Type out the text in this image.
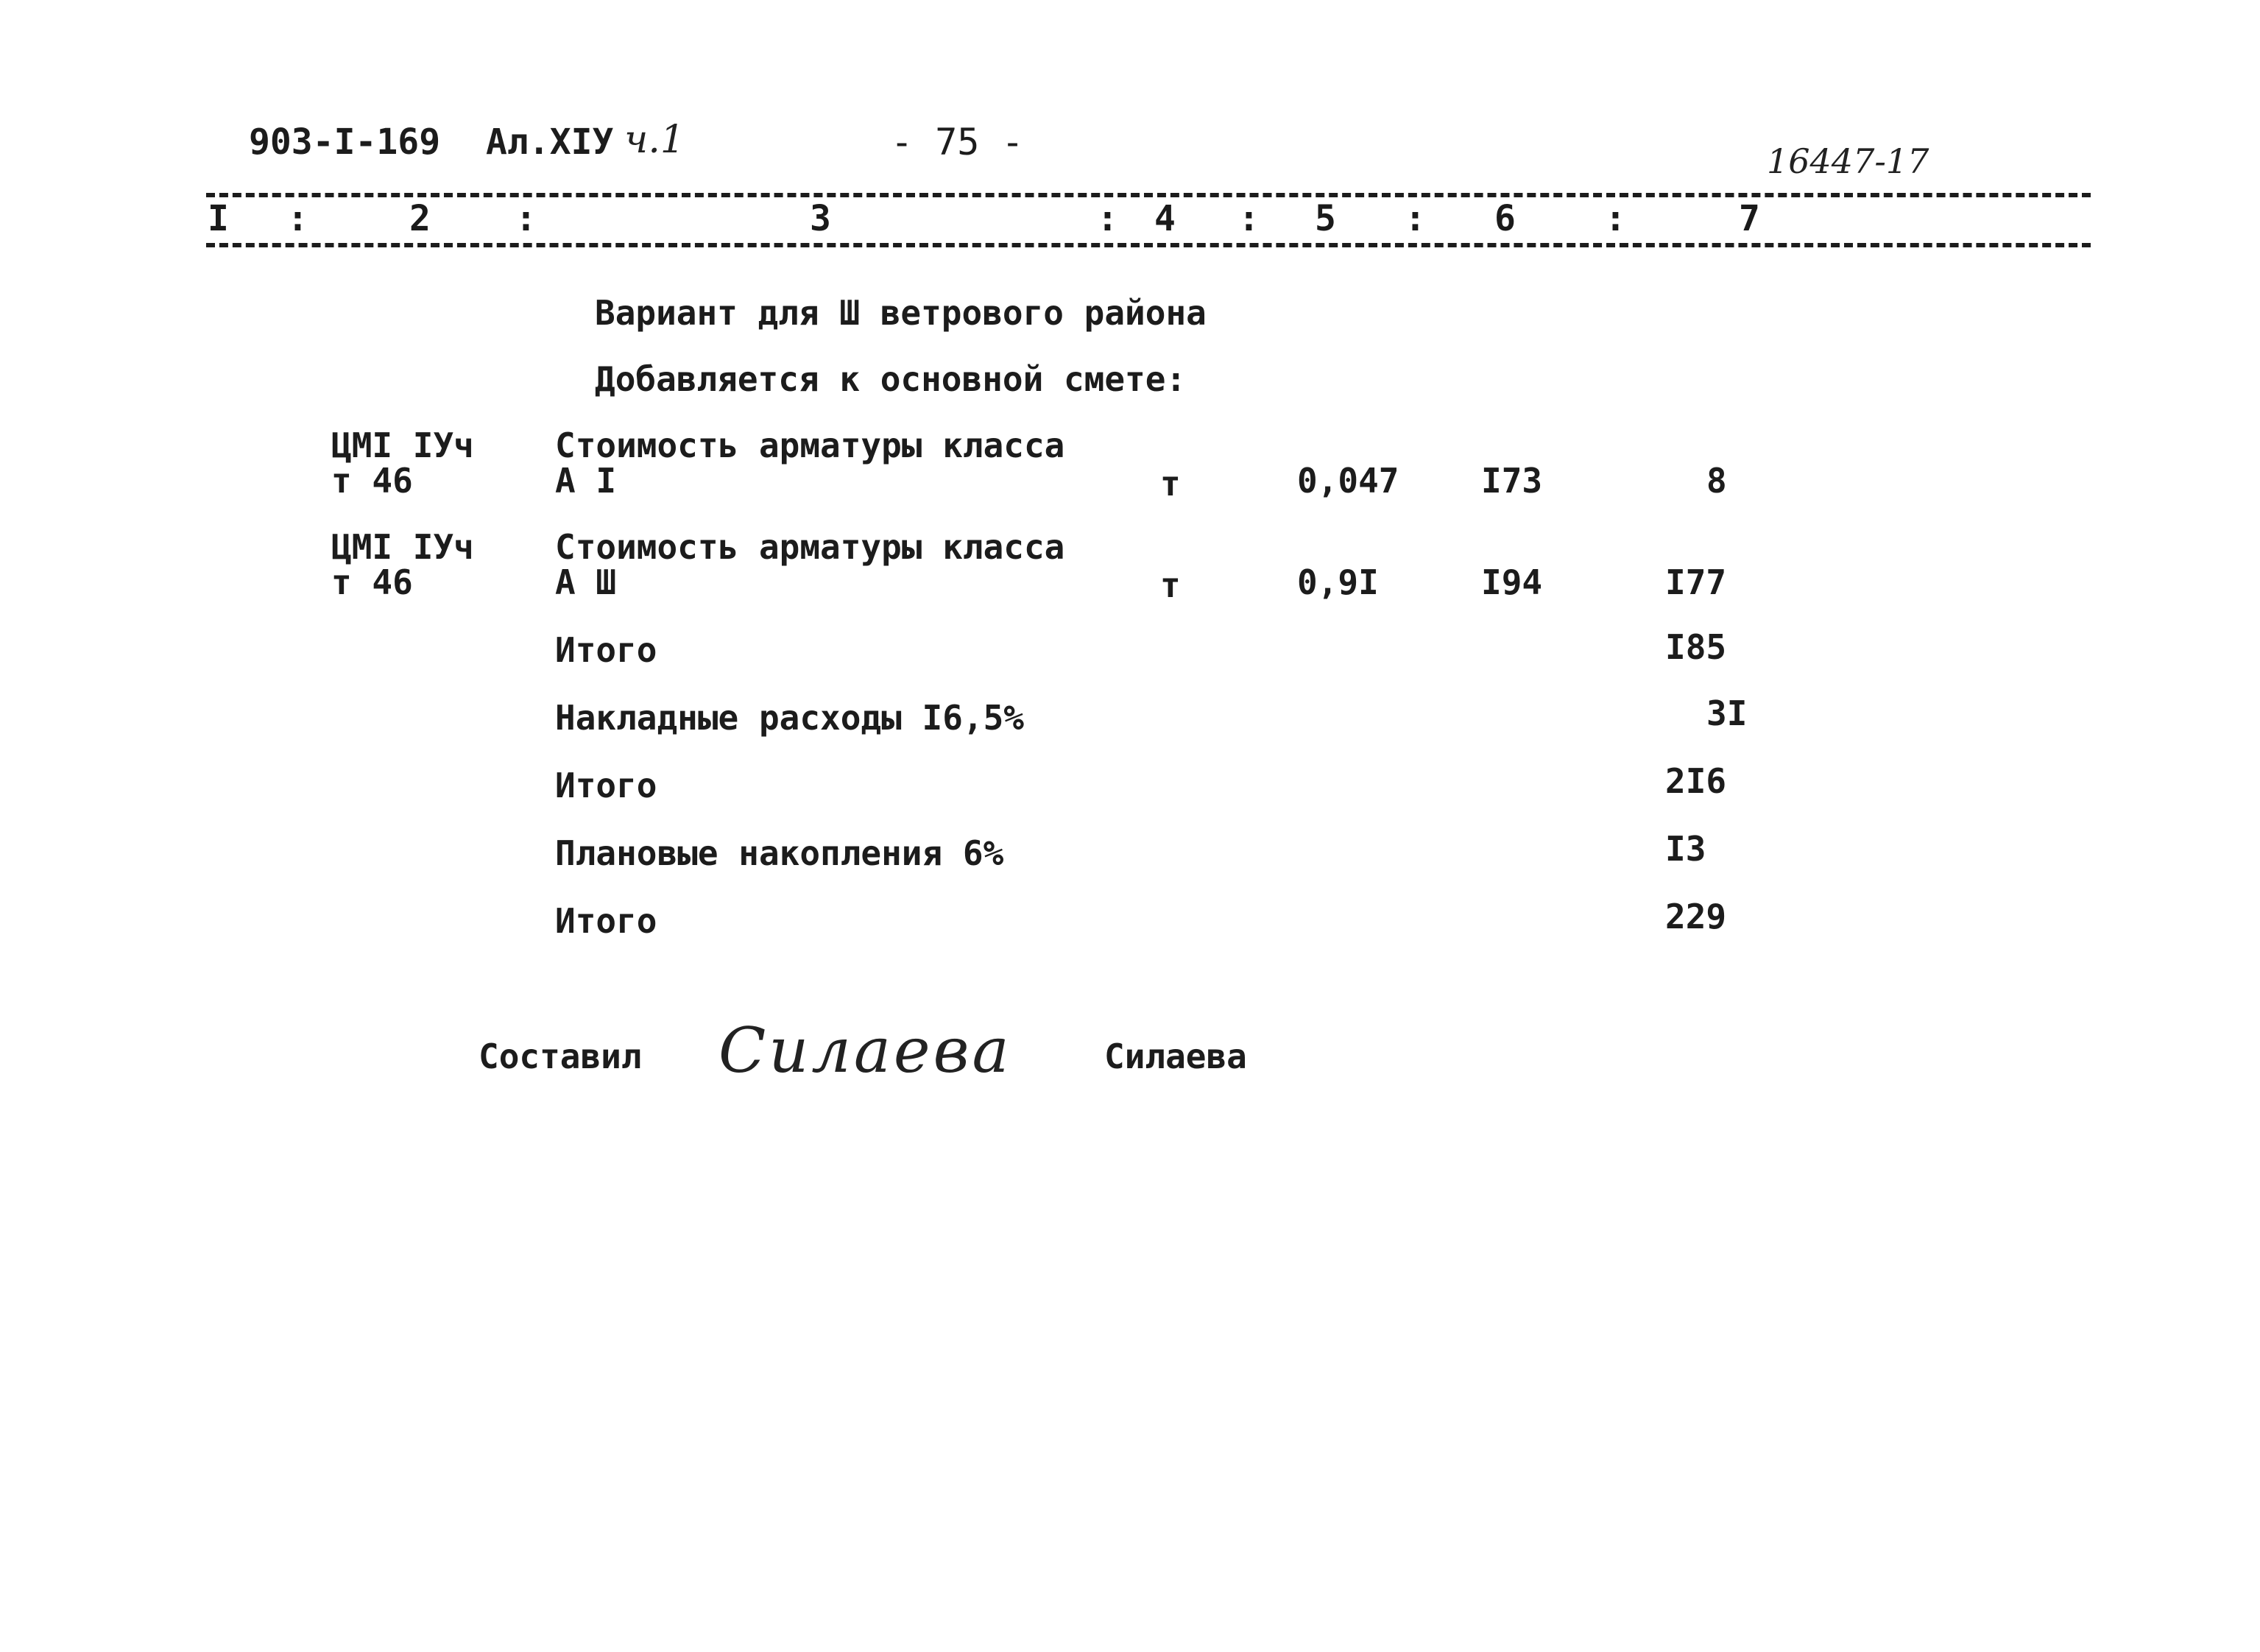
903-I-169 Ал.XIУ ч.1	- 75 -	16447-17
I :	2 :	3	: 4 : 5 : 6	:	7
Вариант для Ш ветрового района
Добавляется к основной смете:
ЦМI IУч
т 46
Стоимость арматуры класса
А I	т	0,047 I73	8
ЦМI IУч
т 46
Стоимость арматуры класса
А Ш	т	0,9I	I94	I77
Итого	I85
Накладные расходы I6,5%	3I
Итого	2I6
Плановые накопления 6%	I3
Итого	229
Составил Силаева	Силаева
